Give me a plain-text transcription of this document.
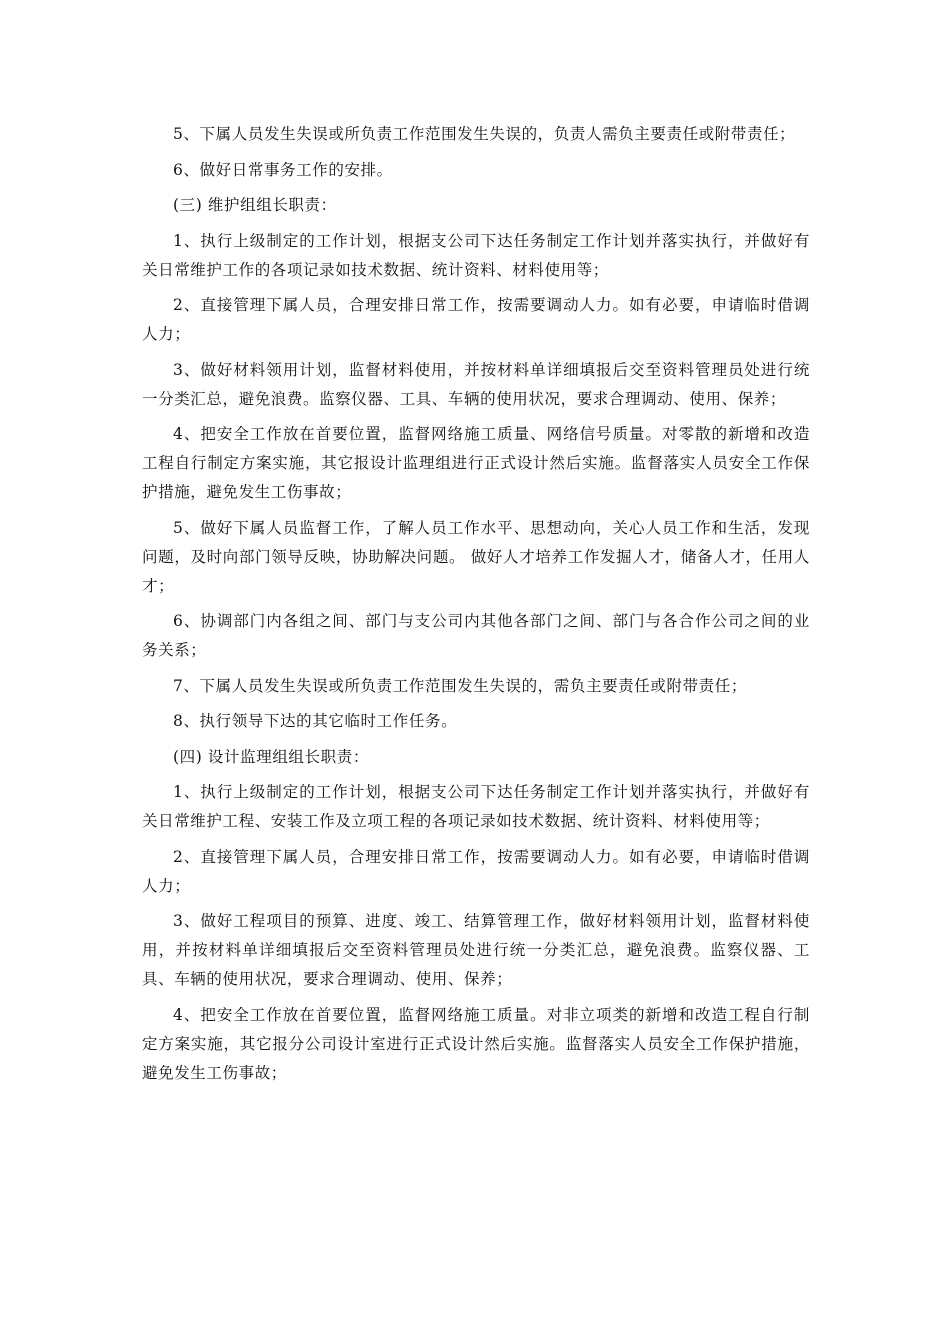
5、下属人员发生失误或所负责工作范围发生失误的，负责人需负主要责任或附带责任；

6、做好日常事务工作的安排。

(三) 维护组组长职责：

1、执行上级制定的工作计划，根据支公司下达任务制定工作计划并落实执行，并做好有关日常维护工作的各项记录如技术数据、统计资料、材料使用等；

2、直接管理下属人员，合理安排日常工作，按需要调动人力。如有必要，申请临时借调人力；

3、做好材料领用计划，监督材料使用，并按材料单详细填报后交至资料管理员处进行统一分类汇总，避免浪费。监察仪器、工具、车辆的使用状况，要求合理调动、使用、保养；

4、把安全工作放在首要位置，监督网络施工质量、网络信号质量。对零散的新增和改造工程自行制定方案实施，其它报设计监理组进行正式设计然后实施。监督落实人员安全工作保护措施，避免发生工伤事故；

5、做好下属人员监督工作，了解人员工作水平、思想动向，关心人员工作和生活，发现问题，及时向部门领导反映，协助解决问题。 做好人才培养工作发掘人才，储备人才，任用人才；

6、协调部门内各组之间、部门与支公司内其他各部门之间、部门与各合作公司之间的业务关系；

7、下属人员发生失误或所负责工作范围发生失误的，需负主要责任或附带责任；

8、执行领导下达的其它临时工作任务。

(四) 设计监理组组长职责：

1、执行上级制定的工作计划，根据支公司下达任务制定工作计划并落实执行，并做好有关日常维护工程、安装工作及立项工程的各项记录如技术数据、统计资料、材料使用等；

2、直接管理下属人员，合理安排日常工作，按需要调动人力。如有必要，申请临时借调人力；

3、做好工程项目的预算、进度、竣工、结算管理工作，做好材料领用计划，监督材料使用，并按材料单详细填报后交至资料管理员处进行统一分类汇总，避免浪费。监察仪器、工具、车辆的使用状况，要求合理调动、使用、保养；

4、把安全工作放在首要位置，监督网络施工质量。对非立项类的新增和改造工程自行制定方案实施，其它报分公司设计室进行正式设计然后实施。监督落实人员安全工作保护措施，避免发生工伤事故；
